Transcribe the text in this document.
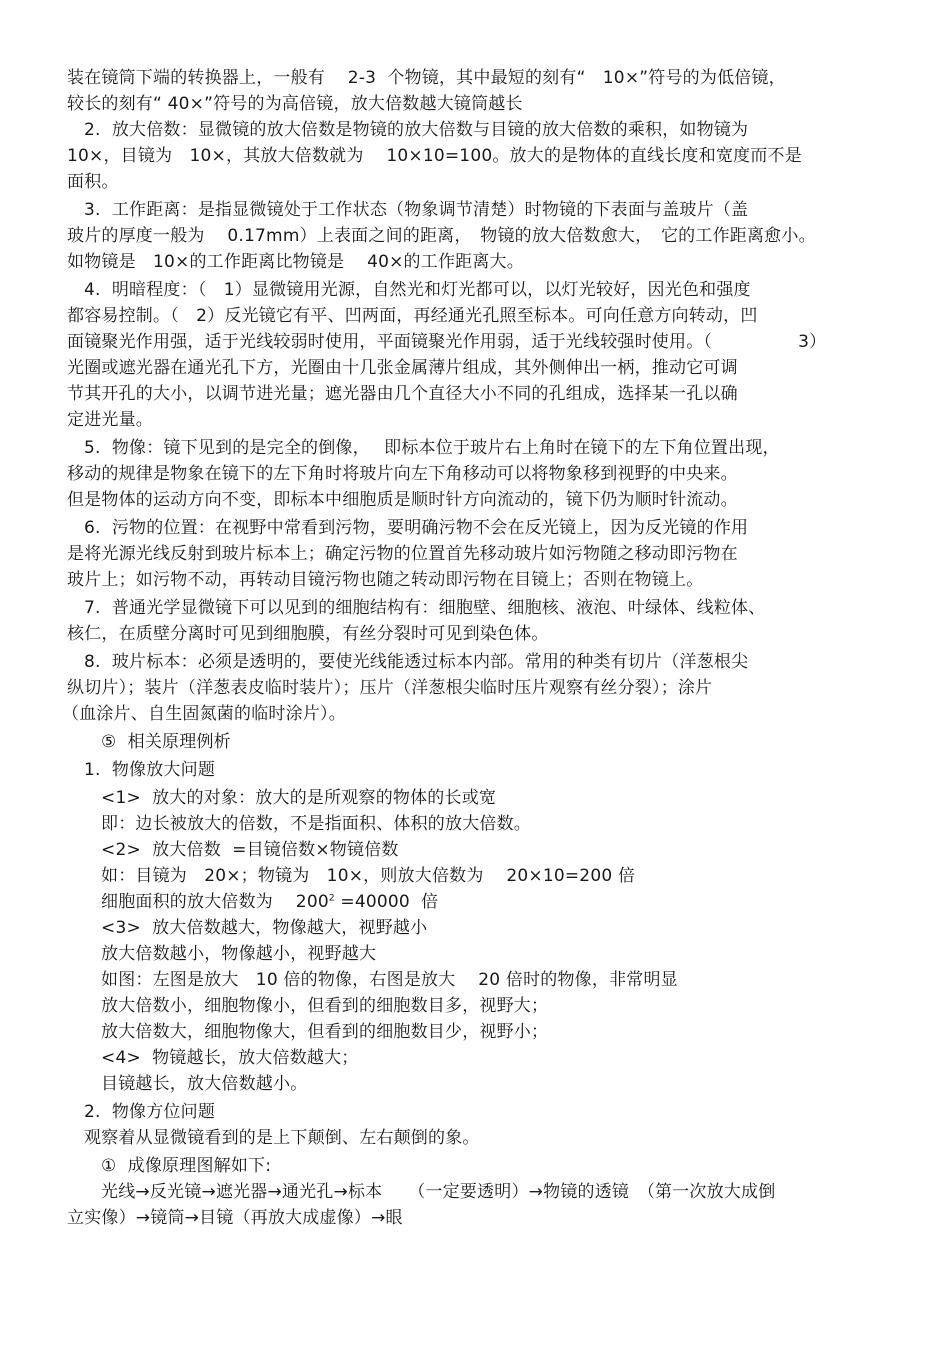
装在镜筒下端的转换器上，一般有　 2-3  个物镜，其中最短的刻有“　10×”符号的为低倍镜，
较长的刻有“ 40×”符号的为高倍镜，放大倍数越大镜筒越长
2.  放大倍数：显微镜的放大倍数是物镜的放大倍数与目镜的放大倍数的乘积，如物镜为
10×，目镜为　10×，其放大倍数就为　 10×10=100。放大的是物体的直线长度和宽度而不是
面积。
3.  工作距离：是指显微镜处于工作状态（物象调节清楚）时物镜的下表面与盖玻片（盖
玻片的厚度一般为　 0.17mm）上表面之间的距离，　物镜的放大倍数愈大，　它的工作距离愈小。
如物镜是　10×的工作距离比物镜是　 40×的工作距离大。
4.  明暗程度：（　1）显微镜用光源，自然光和灯光都可以，以灯光较好，因光色和强度
都容易控制。（　2）反光镜它有平、凹两面，再经通光孔照至标本。可向任意方向转动，凹
面镜聚光作用强，适于光线较弱时使用，平面镜聚光作用弱，适于光线较强时使用。（　　　　　3）
光圈或遮光器在通光孔下方，光圈由十几张金属薄片组成，其外侧伸出一柄，推动它可调
节其开孔的大小，以调节进光量；遮光器由几个直径大小不同的孔组成，选择某一孔以确
定进光量。
5.  物像：镜下见到的是完全的倒像，　 即标本位于玻片右上角时在镜下的左下角位置出现，
移动的规律是物象在镜下的左下角时将玻片向左下角移动可以将物象移到视野的中央来。
但是物体的运动方向不变，即标本中细胞质是顺时针方向流动的，镜下仍为顺时针流动。
6.  污物的位置：在视野中常看到污物，要明确污物不会在反光镜上，因为反光镜的作用
是将光源光线反射到玻片标本上；确定污物的位置首先移动玻片如污物随之移动即污物在
玻片上；如污物不动，再转动目镜污物也随之转动即污物在目镜上；否则在物镜上。
7.  普通光学显微镜下可以见到的细胞结构有：细胞壁、细胞核、液泡、叶绿体、线粒体、
核仁，在质壁分离时可见到细胞膜，有丝分裂时可见到染色体。
8.  玻片标本：必须是透明的，要使光线能透过标本内部。常用的种类有切片（洋葱根尖
纵切片）；装片（洋葱表皮临时装片）；压片（洋葱根尖临时压片观察有丝分裂）；涂片
（血涂片、自生固氮菌的临时涂片）。
⑤  相关原理例析
1.  物像放大问题
<1>  放大的对象：放大的是所观察的物体的长或宽
即：边长被放大的倍数，不是指面积、体积的放大倍数。
<2>  放大倍数  =目镜倍数×物镜倍数
如：目镜为　20×；物镜为　10×，则放大倍数为　 20×10=200 倍
细胞面积的放大倍数为　 $200^2 =40000$  倍
<3>  放大倍数越大，物像越大，视野越小
放大倍数越小，物像越小，视野越大
如图：左图是放大　10 倍的物像，右图是放大　 20 倍时的物像，非常明显
放大倍数小，细胞物像小，但看到的细胞数目多，视野大；
放大倍数大，细胞物像大，但看到的细胞数目少，视野小；
<4>  物镜越长，放大倍数越大；
目镜越长，放大倍数越小。
2.  物像方位问题
观察着从显微镜看到的是上下颠倒、左右颠倒的象。
①  成像原理图解如下:
光线→反光镜→遮光器→通光孔→标本　　（一定要透明）→物镜的透镜　（第一次放大成倒
立实像）→镜筒→目镜（再放大成虚像）→眼
